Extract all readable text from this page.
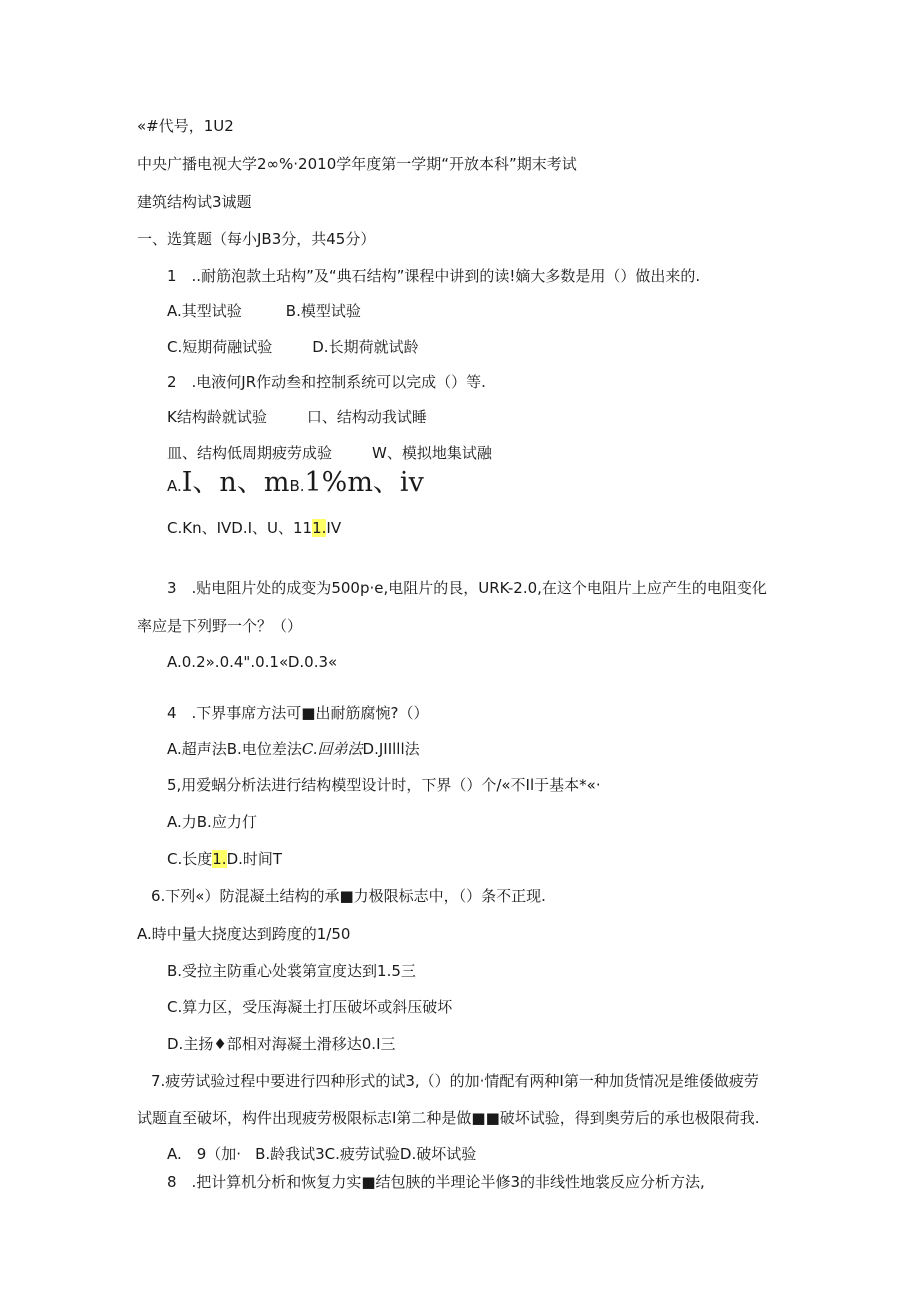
«#代号，1U2
中央广播电视大学2∞%·2010学年度第一学期“开放本科”期末考试
建筑结构试3诚题
一、选箕题（每小JB3分，共45分）
1　..耐筋泡款土玷构”及“典石结构”课程中讲到的读!嫡大多数是用（）做出来的.
A.其型试验	B.模型试验
C.短期荷融试验	D.长期荷就试龄
2　.电液何JR作动叁和控制系统可以完成（）等.
K结构龄就试验	口、结构动我试睡
皿、结构低周期疲劳成验	W、模拟地集试融
A.I、n、mB.1%m、iv
C.Kn、IVD.I、U、111.IV
3　.贴电阻片处的成变为500p·e,电阻片的艮，URK-2.0,在这个电阻片上应产生的电阻变化
率应是下列野一个？（）
A.0.2».0.4".0.1«D.0.3«
4　.下界事席方法可■出耐筋腐惋?（）
A.超声法B.电位差法C.回弟法D.JIIlll法
5,用爱蜗分析法进行结构模型设计时，下界（）个/«不Il于基本*«·
A.力B.应力仃
C.长度1.D.时间T
6.下列«）防混凝土结构的承■力极限标志中，（）条不正现.
A.時中量大挠度达到跨度的1/50
B.受拉主防重心处裳第宣度达到1.5三
C.算力区，受压海凝土打压破坏或斜压破坏
D.主扬♦部相对海凝土滑移达0.I三
7.疲劳试验过程中要进行四种形式的试3,（）的加·情配有两种I第一种加货情况是维倭做疲劳
试题直至破坏，构件出现疲劳极限标志I第二种是做■■破坏试验，得到奥劳后的承也极限荷我.
A.　9（加· B.龄我试3C.疲劳试验D.破坏试验
8　.把计算机分析和恢复力实■结包脥的半理论半修3的非线性地裳反应分析方法,
